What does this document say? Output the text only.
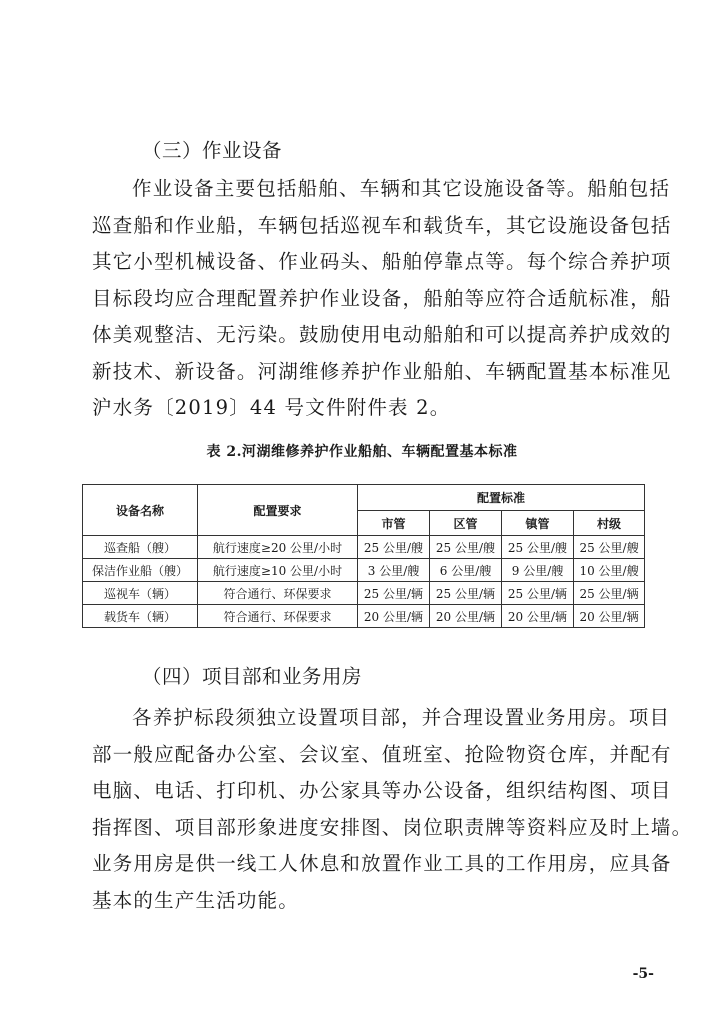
（三）作业设备
作业设备主要包括船舶、车辆和其它设施设备等。船舶包括
巡查船和作业船，车辆包括巡视车和载货车，其它设施设备包括
其它小型机械设备、作业码头、船舶停靠点等。每个综合养护项
目标段均应合理配置养护作业设备，船舶等应符合适航标准，船
体美观整洁、无污染。鼓励使用电动船舶和可以提高养护成效的
新技术、新设备。河湖维修养护作业船舶、车辆配置基本标准见
沪水务〔2019〕44 号文件附件表 2。
表 2.河湖维修养护作业船舶、车辆配置基本标准
设备名称	配置要求	配置标准			
		市管	区管	镇管	村级
巡查船（艘）	航行速度≥20 公里/小时	25 公里/艘	25 公里/艘	25 公里/艘	25 公里/艘
保洁作业船（艘）	航行速度≥10 公里/小时	3 公里/艘	6 公里/艘	9 公里/艘	10 公里/艘
巡视车（辆）	符合通行、环保要求	25 公里/辆	25 公里/辆	25 公里/辆	25 公里/辆
载货车（辆）	符合通行、环保要求	20 公里/辆	20 公里/辆	20 公里/辆	20 公里/辆
（四）项目部和业务用房
各养护标段须独立设置项目部，并合理设置业务用房。项目
部一般应配备办公室、会议室、值班室、抢险物资仓库，并配有
电脑、电话、打印机、办公家具等办公设备，组织结构图、项目
指挥图、项目部形象进度安排图、岗位职责牌等资料应及时上墙。
业务用房是供一线工人休息和放置作业工具的工作用房，应具备
基本的生产生活功能。
-5-
